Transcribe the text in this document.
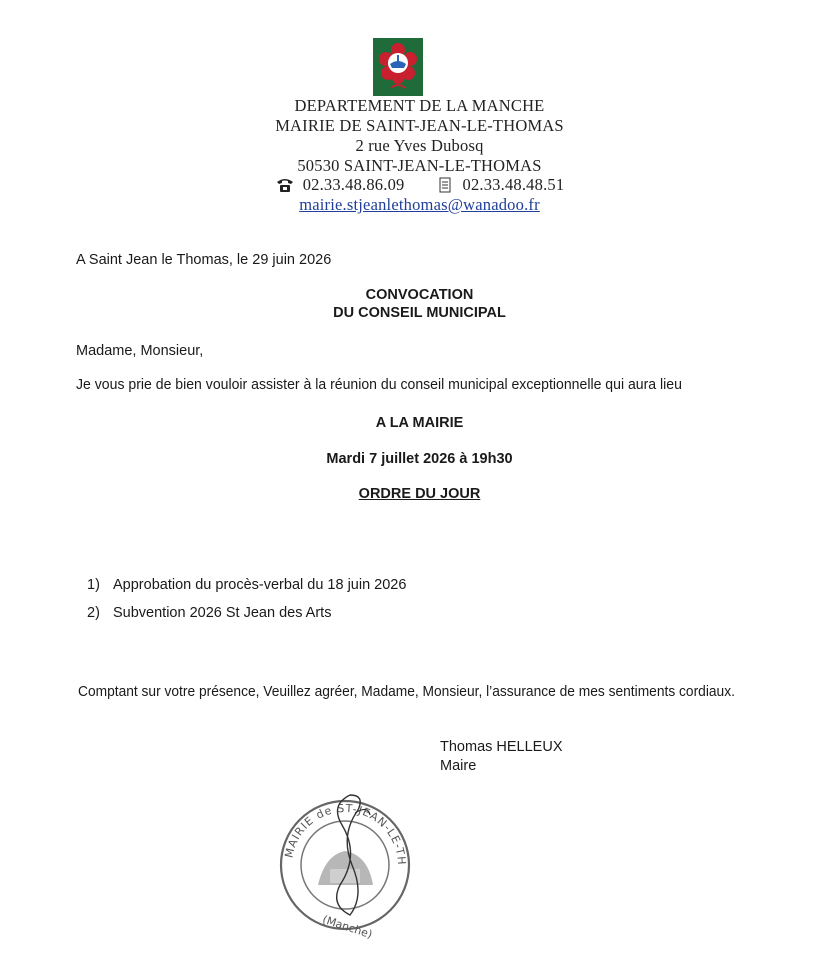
DEPARTEMENT DE LA MANCHE
MAIRIE DE SAINT-JEAN-LE-THOMAS
2 rue Yves Dubosq
50530 SAINT-JEAN-LE-THOMAS
02.33.48.86.09	02.33.48.48.51
mairie.stjeanlethomas@wanadoo.fr
A Saint Jean le Thomas, le 29 juin 2026
CONVOCATION
DU CONSEIL MUNICIPAL
Madame, Monsieur,
Je vous prie de bien vouloir assister à la réunion du conseil municipal exceptionnelle qui aura lieu
A LA MAIRIE
Mardi 7 juillet 2026 à 19h30
ORDRE DU JOUR
1) Approbation du procès-verbal du 18 juin 2026
2) Subvention 2026 St Jean des Arts
Comptant sur votre présence, Veuillez agréer, Madame, Monsieur, l’assurance de mes sentiments cordiaux.
Thomas HELLEUX
Maire
MAIRIE de ST-JEAN-LE-TH
(Manche)
